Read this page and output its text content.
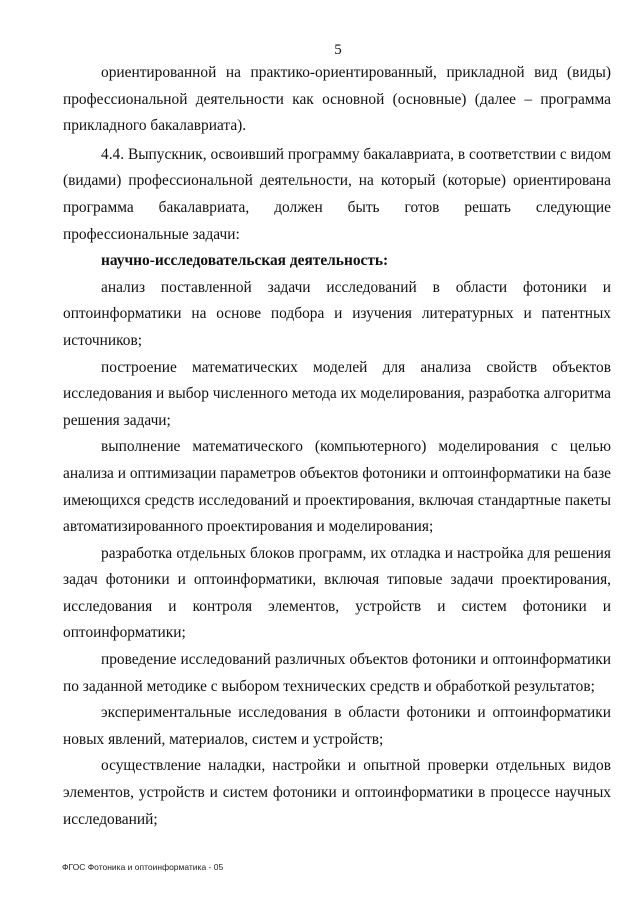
5

ориентированной на практико-ориентированный, прикладной вид (виды) профессиональной деятельности как основной (основные) (далее – программа прикладного бакалавриата).

4.4. Выпускник, освоивший программу бакалавриата, в соответствии с видом (видами) профессиональной деятельности, на который (которые) ориентирована программа бакалавриата, должен быть готов решать следующие профессиональные задачи:

научно-исследовательская деятельность:

анализ поставленной задачи исследований в области фотоники и оптоинформатики на основе подбора и изучения литературных и патентных источников;

построение математических моделей для анализа свойств объектов исследования и выбор численного метода их моделирования, разработка алгоритма решения задачи;

выполнение математического (компьютерного) моделирования с целью анализа и оптимизации параметров объектов фотоники и оптоинформатики на базе имеющихся средств исследований и проектирования, включая стандартные пакеты автоматизированного проектирования и моделирования;

разработка отдельных блоков программ, их отладка и настройка для решения задач фотоники и оптоинформатики, включая типовые задачи проектирования, исследования и контроля элементов, устройств и систем фотоники и оптоинформатики;

проведение исследований различных объектов фотоники и оптоинформатики по заданной методике с выбором технических средств и обработкой результатов;

экспериментальные исследования в области фотоники и оптоинформатики новых явлений, материалов, систем и устройств;

осуществление наладки, настройки и опытной проверки отдельных видов элементов, устройств и систем фотоники и оптоинформатики в процессе научных исследований;

ФГОС Фотоника и оптоинформатика - 05
